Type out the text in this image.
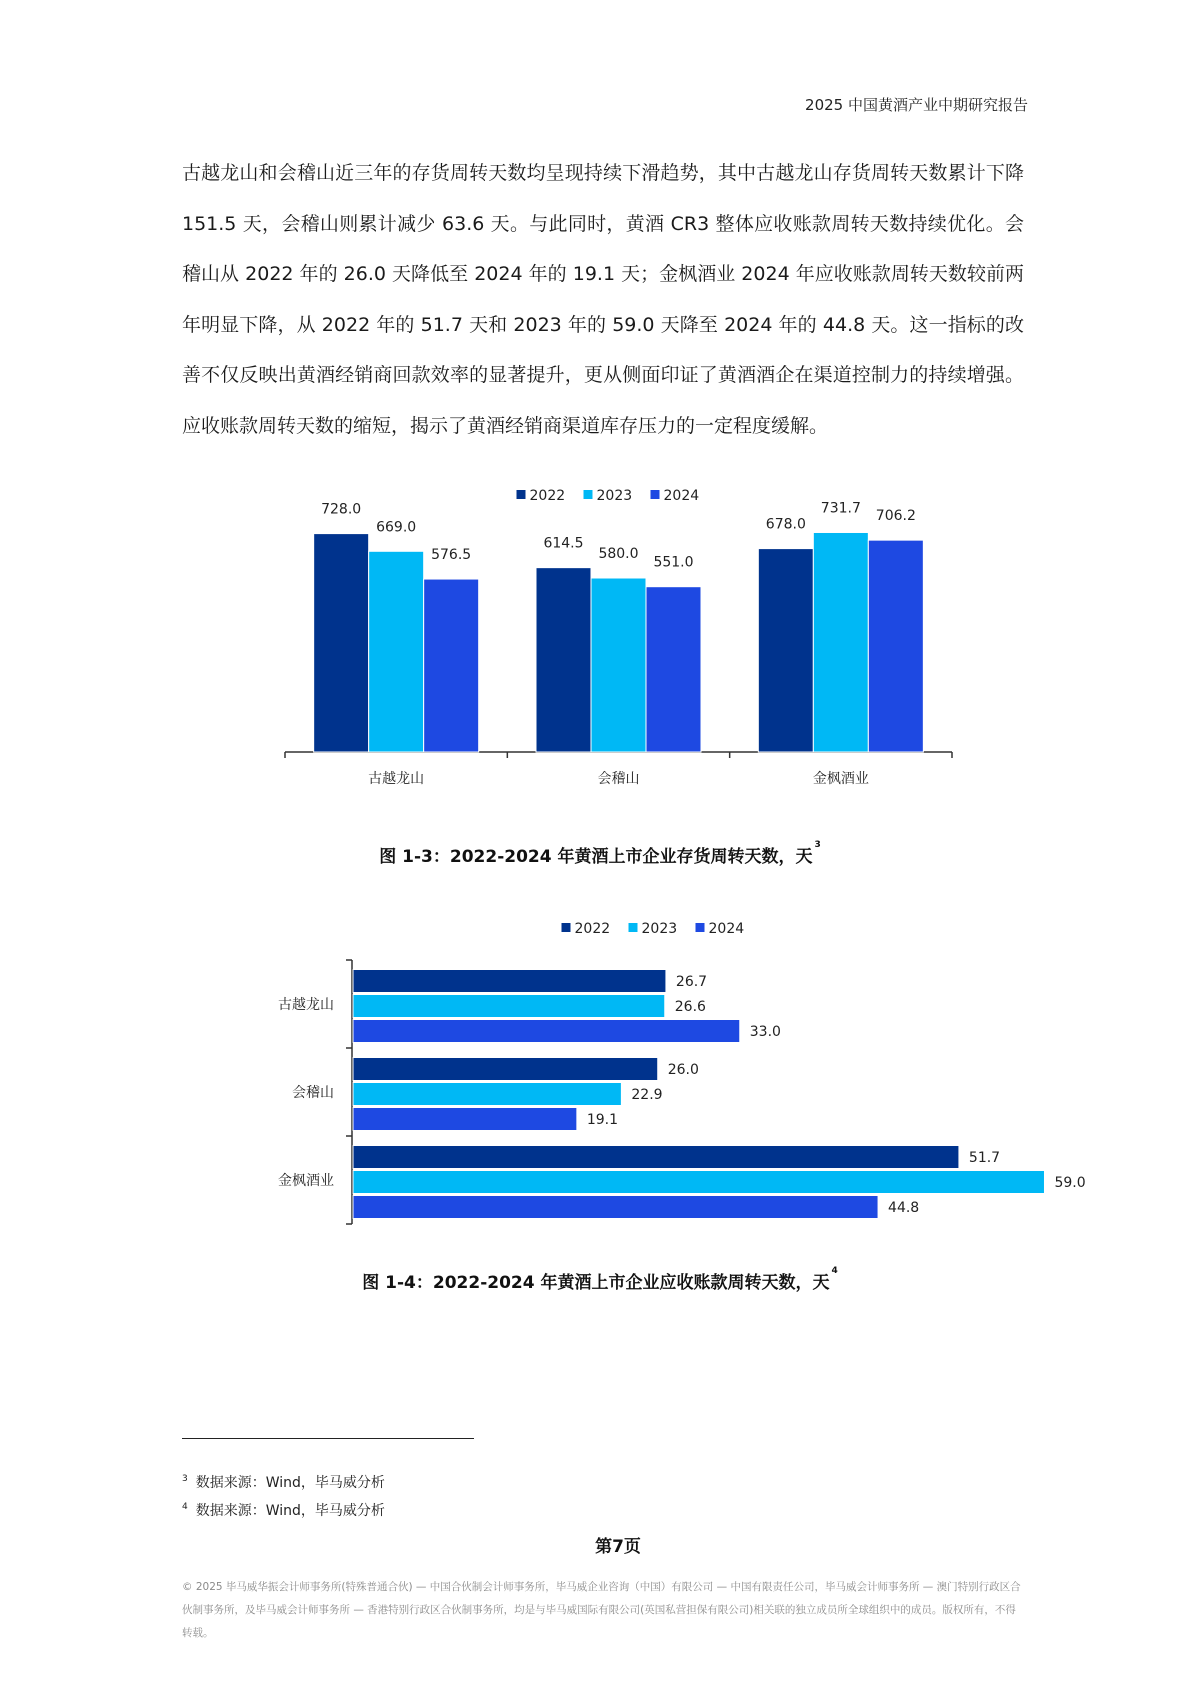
2025 中国黄酒产业中期研究报告
古越龙山和会稽山近三年的存货周转天数均呈现持续下滑趋势，其中古越龙山存货周转天数累计下降 151.5 天，会稽山则累计减少 63.6 天。与此同时，黄酒 CR3 整体应收账款周转天数持续优化。会稽山从 2022 年的 26.0 天降低至 2024 年的 19.1 天；金枫酒业 2024 年应收账款周转天数较前两年明显下降，从 2022 年的 51.7 天和 2023 年的 59.0 天降至 2024 年的 44.8 天。这一指标的改善不仅反映出黄酒经销商回款效率的显著提升，更从侧面印证了黄酒酒企在渠道控制力的持续增强。应收账款周转天数的缩短，揭示了黄酒经销商渠道库存压力的一定程度缓解。
2022 2023 2024
728.0
669.0
576.5
古越龙山
614.5
580.0
551.0
会稽山
678.0
731.7 706.2
金枫酒业
图 1-3：2022-2024 年黄酒上市企业存货周转天数，天$^3$
2022 2023 2024
26.7
26.6
33.0
古越龙山
26.0
22.9
19.1
会稽山
51.7
59.0
44.8
金枫酒业
图 1-4：2022-2024 年黄酒上市企业应收账款周转天数，天$^4$
$^3$ 数据来源：Wind，毕马威分析
$^4$ 数据来源：Wind，毕马威分析
第7页
© 2025 毕马威华振会计师事务所(特殊普通合伙) — 中国合伙制会计师事务所，毕马威企业咨询（中国）有限公司 — 中国有限责任公司，毕马威会计师事务所 — 澳门特别行政区合伙制事务所，及毕马威会计师事务所 — 香港特别行政区合伙制事务所，均是与毕马威国际有限公司(英国私营担保有限公司)相关联的独立成员所全球组织中的成员。版权所有，不得转载。
